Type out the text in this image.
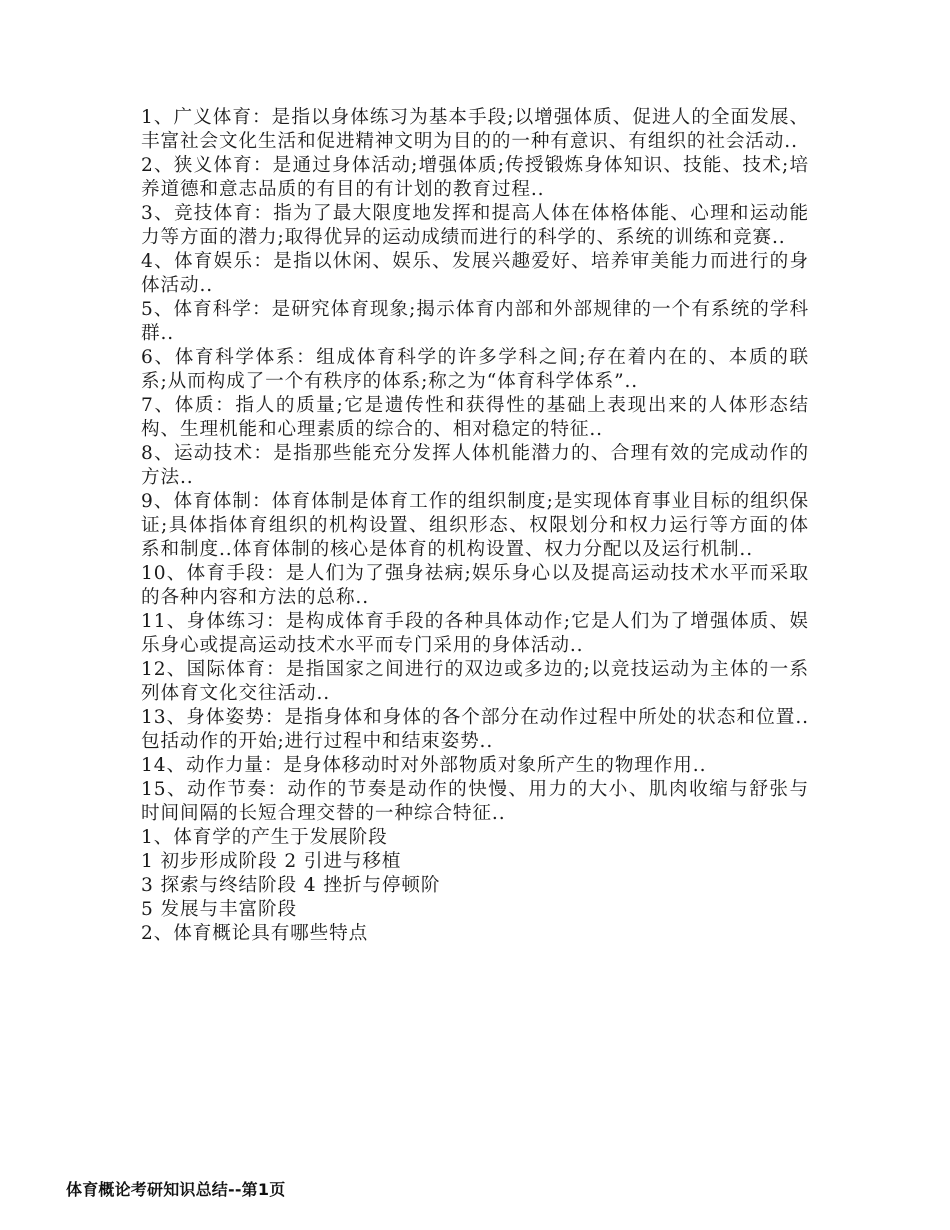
1、广义体育：是指以身体练习为基本手段;以增强体质、促进人的全面发展、丰富社会文化生活和促进精神文明为目的的一种有意识、有组织的社会活动..

2、狭义体育：是通过身体活动;增强体质;传授锻炼身体知识、技能、技术;培养道德和意志品质的有目的有计划的教育过程..

3、竞技体育：指为了最大限度地发挥和提高人体在体格体能、心理和运动能力等方面的潜力;取得优异的运动成绩而进行的科学的、系统的训练和竞赛..

4、体育娱乐：是指以休闲、娱乐、发展兴趣爱好、培养审美能力而进行的身体活动..

5、体育科学：是研究体育现象;揭示体育内部和外部规律的一个有系统的学科群..

6、体育科学体系：组成体育科学的许多学科之间;存在着内在的、本质的联系;从而构成了一个有秩序的体系;称之为“体育科学体系”..

7、体质：指人的质量;它是遗传性和获得性的基础上表现出来的人体形态结构、生理机能和心理素质的综合的、相对稳定的特征..

8、运动技术：是指那些能充分发挥人体机能潜力的、合理有效的完成动作的方法..

9、体育体制：体育体制是体育工作的组织制度;是实现体育事业目标的组织保证;具体指体育组织的机构设置、组织形态、权限划分和权力运行等方面的体系和制度..体育体制的核心是体育的机构设置、权力分配以及运行机制..

10、体育手段：是人们为了强身祛病;娱乐身心以及提高运动技术水平而采取的各种内容和方法的总称..

11、身体练习：是构成体育手段的各种具体动作;它是人们为了增强体质、娱乐身心或提高运动技术水平而专门采用的身体活动..

12、国际体育：是指国家之间进行的双边或多边的;以竞技运动为主体的一系列体育文化交往活动..

13、身体姿势：是指身体和身体的各个部分在动作过程中所处的状态和位置..包括动作的开始;进行过程中和结束姿势..

14、动作力量：是身体移动时对外部物质对象所产生的物理作用..

15、动作节奏：动作的节奏是动作的快慢、用力的大小、肌肉收缩与舒张与时间间隔的长短合理交替的一种综合特征..

1、体育学的产生于发展阶段

1 初步形成阶段 2 引进与移植

3 探索与终结阶段 4 挫折与停顿阶

5 发展与丰富阶段

2、体育概论具有哪些特点

体育概论考研知识总结--第1页
